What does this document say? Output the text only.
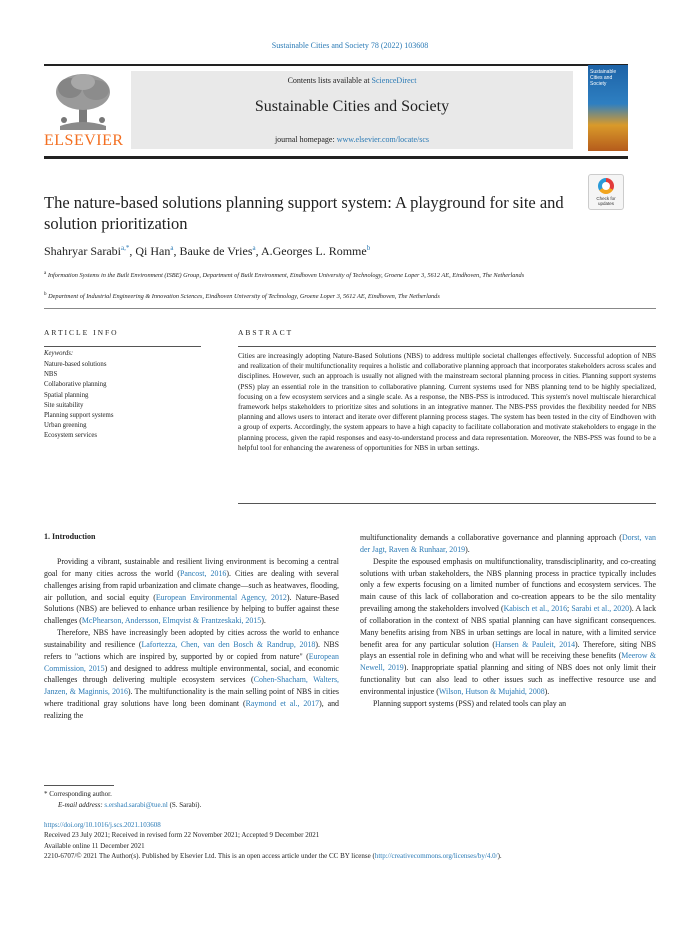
Sustainable Cities and Society 78 (2022) 103608
ELSEVIER
Contents lists available at ScienceDirect
Sustainable Cities and Society
journal homepage: www.elsevier.com/locate/scs
Sustainable Cities and Society
The nature-based solutions planning support system: A playground for site and solution prioritization
Check for updates
Shahryar Sarabi$^{a,*}$, Qi Han$^a$, Bauke de Vries$^a$, A.Georges L. Romme$^b$
$^a$ Information Systems in the Built Environment (ISBE) Group, Department of Built Environment, Eindhoven University of Technology, Groene Loper 3, 5612 AE, Eindhoven, The Netherlands
$^b$ Department of Industrial Engineering & Innovation Sciences, Eindhoven University of Technology, Groene Loper 3, 5612 AE, Eindhoven, The Netherlands
ARTICLE INFO
Keywords:
Nature-based solutions
NBS
Collaborative planning
Spatial planning
Site suitability
Planning support systems
Urban greening
Ecosystem services
ABSTRACT
Cities are increasingly adopting Nature-Based Solutions (NBS) to address multiple societal challenges effectively. Successful adoption of NBS and realization of their multifunctionality requires a holistic and collaborative planning approach that incorporates stakeholders across scales and disciplines. However, such an approach is usually not aligned with the mainstream sectoral planning process in cities. Planning support systems (PSS) play an essential role in the transition to collaborative planning. Current systems used for NBS planning tend to be highly specialized, focusing on a few ecosystem services and a single scale. As a response, the NBS-PSS is introduced. This system's novel multiscale hierarchical framework helps stakeholders to prioritize sites and solutions in an integrative manner. The NBS-PSS provides the flexibility needed for NBS planning and allows users to interact and iterate over different planning process stages. The system has been tested in the city of Eindhoven with a group of experts. Accordingly, the system appears to have a high capacity to facilitate collaboration and motivate stakeholders to engage in the planning process, given the rapid responses and easy-to-understand process and data representation. Moreover, the NBS-PSS was found to be a helpful tool for enhancing the awareness of opportunities for NBS in urban settings.
1. Introduction

Providing a vibrant, sustainable and resilient living environment is becoming a central goal for many cities across the world (Pancost, 2016). Cities are dealing with several challenges arising from rapid urbanization and climate change—such as heatwaves, flooding, air pollution, and social equity (European Environmental Agency, 2012). Nature-Based Solutions (NBS) are believed to enhance urban resilience by helping to buffer against these challenges (McPhearson, Andersson, Elmqvist & Frantzeskaki, 2015).

Therefore, NBS have increasingly been adopted by cities across the world to enhance sustainability and resilience (Lafortezza, Chen, van den Bosch & Randrup, 2018). NBS refers to "actions which are inspired by, supported by or copied from nature" (European Commission, 2015) and designed to address multiple environmental, social, and economic challenges through delivering multiple ecosystem services (Cohen-Shacham, Walters, Janzen, & Maginnis, 2016). The multifunctionality is the main selling point of NBS in cities where traditional gray solutions have long been dominant (Raymond et al., 2017), and realizing the

multifunctionality demands a collaborative governance and planning approach (Dorst, van der Jagt, Raven & Runhaar, 2019).

Despite the espoused emphasis on multifunctionality, transdisciplinarity, and co-creating solutions with urban stakeholders, the NBS planning process in practice typically includes only a few experts focusing on a limited number of functions and ecosystem services. The main cause of this lack of collaboration and co-creation appears to be the silo mentality prevailing among the stakeholders involved (Kabisch et al., 2016; Sarabi et al., 2020). A lack of collaboration in the context of NBS spatial planning can have significant consequences. Many benefits arising from NBS in urban settings are local in nature, with a limited service benefit area for any particular solution (Hansen & Pauleit, 2014). Therefore, siting NBS plays an essential role in defining who and what will be receiving these benefits (Meerow & Newell, 2019). Inappropriate spatial planning and siting of NBS does not only limit their functionality but can also lead to other issues such as ineffective resource use and environmental injustice (Wilson, Hutson & Mujahid, 2008).

Planning support systems (PSS) and related tools can play an

* Corresponding author.
E-mail address: s.ershad.sarabi@tue.nl (S. Sarabi).
https://doi.org/10.1016/j.scs.2021.103608
Received 23 July 2021; Received in revised form 22 November 2021; Accepted 9 December 2021
Available online 11 December 2021
2210-6707/© 2021 The Author(s). Published by Elsevier Ltd. This is an open access article under the CC BY license (http://creativecommons.org/licenses/by/4.0/).
